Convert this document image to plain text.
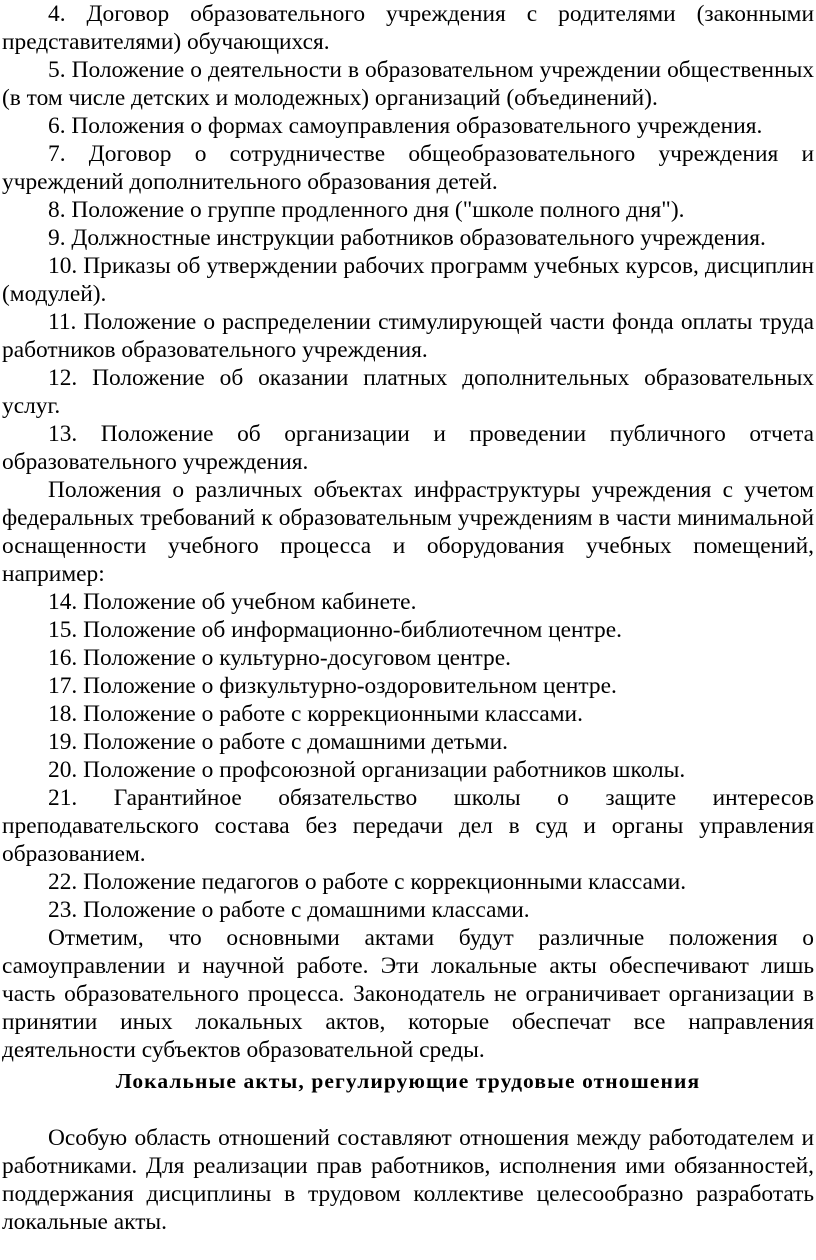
4. Договор образовательного учреждения с родителями (законными представителями) обучающихся.

5. Положение о деятельности в образовательном учреждении общественных (в том числе детских и молодежных) организаций (объединений).

6. Положения о формах самоуправления образовательного учреждения.

7. Договор о сотрудничестве общеобразовательного учреждения и учреждений дополнительного образования детей.

8. Положение о группе продленного дня ("школе полного дня").

9. Должностные инструкции работников образовательного учреждения.

10. Приказы об утверждении рабочих программ учебных курсов, дисциплин (модулей).

11. Положение о распределении стимулирующей части фонда оплаты труда работников образовательного учреждения.

12. Положение об оказании платных дополнительных образовательных услуг.

13. Положение об организации и проведении публичного отчета образовательного учреждения.

Положения о различных объектах инфраструктуры учреждения с учетом федеральных требований к образовательным учреждениям в части минимальной оснащенности учебного процесса и оборудования учебных помещений, например:

14. Положение об учебном кабинете.

15. Положение об информационно-библиотечном центре.

16. Положение о культурно-досуговом центре.

17. Положение о физкультурно-оздоровительном центре.

18. Положение о работе с коррекционными классами.

19. Положение о работе с домашними детьми.

20. Положение о профсоюзной организации работников школы.

21. Гарантийное обязательство школы о защите интересов преподавательского состава без передачи дел в суд и органы управления образованием.

22. Положение педагогов о работе с коррекционными классами.

23. Положение о работе с домашними классами.

Отметим, что основными актами будут различные положения о самоуправлении и научной работе. Эти локальные акты обеспечивают лишь часть образовательного процесса. Законодатель не ограничивает организации в принятии иных локальных актов, которые обеспечат все направления деятельности субъектов образовательной среды.

Локальные акты, регулирующие трудовые отношения

Особую область отношений составляют отношения между работодателем и работниками. Для реализации прав работников, исполнения ими обязанностей, поддержания дисциплины в трудовом коллективе целесообразно разработать локальные акты.
